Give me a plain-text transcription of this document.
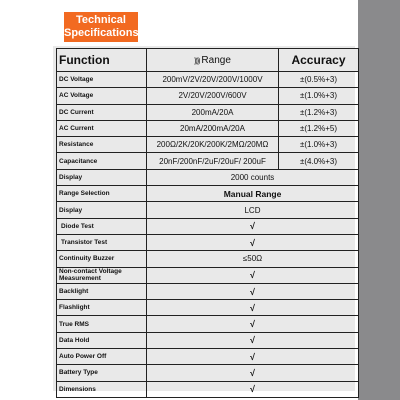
Technical
Specifications
Function	)))) Range	Accuracy
DC Voltage	200mV/2V/20V/200V/1000V	±(0.5%+3)
AC Voltage	2V/20V/200V/600V	±(1.0%+3)
DC Current	200mA/20A	±(1.2%+3)
AC Current	20mA/200mA/20A	±(1.2%+5)
Resistance	200Ω/2K/20K/200K/2MΩ/20MΩ	±(1.0%+3)
Capacitance	20nF/200nF/2uF/20uF/ 200uF	±(4.0%+3)
Display	2000 counts	
Range Selection	Manual Range	
Display	LCD	
Diode Test	√	
Transistor Test	√	
Continuity Buzzer	≤50Ω	
Non-contact Voltage Measurement	√	
Backlight	√	
Flashlight	√	
True RMS	√	
Data Hold	√	
Auto Power Off	√	
Battery Type	√	
Dimensions	√	
